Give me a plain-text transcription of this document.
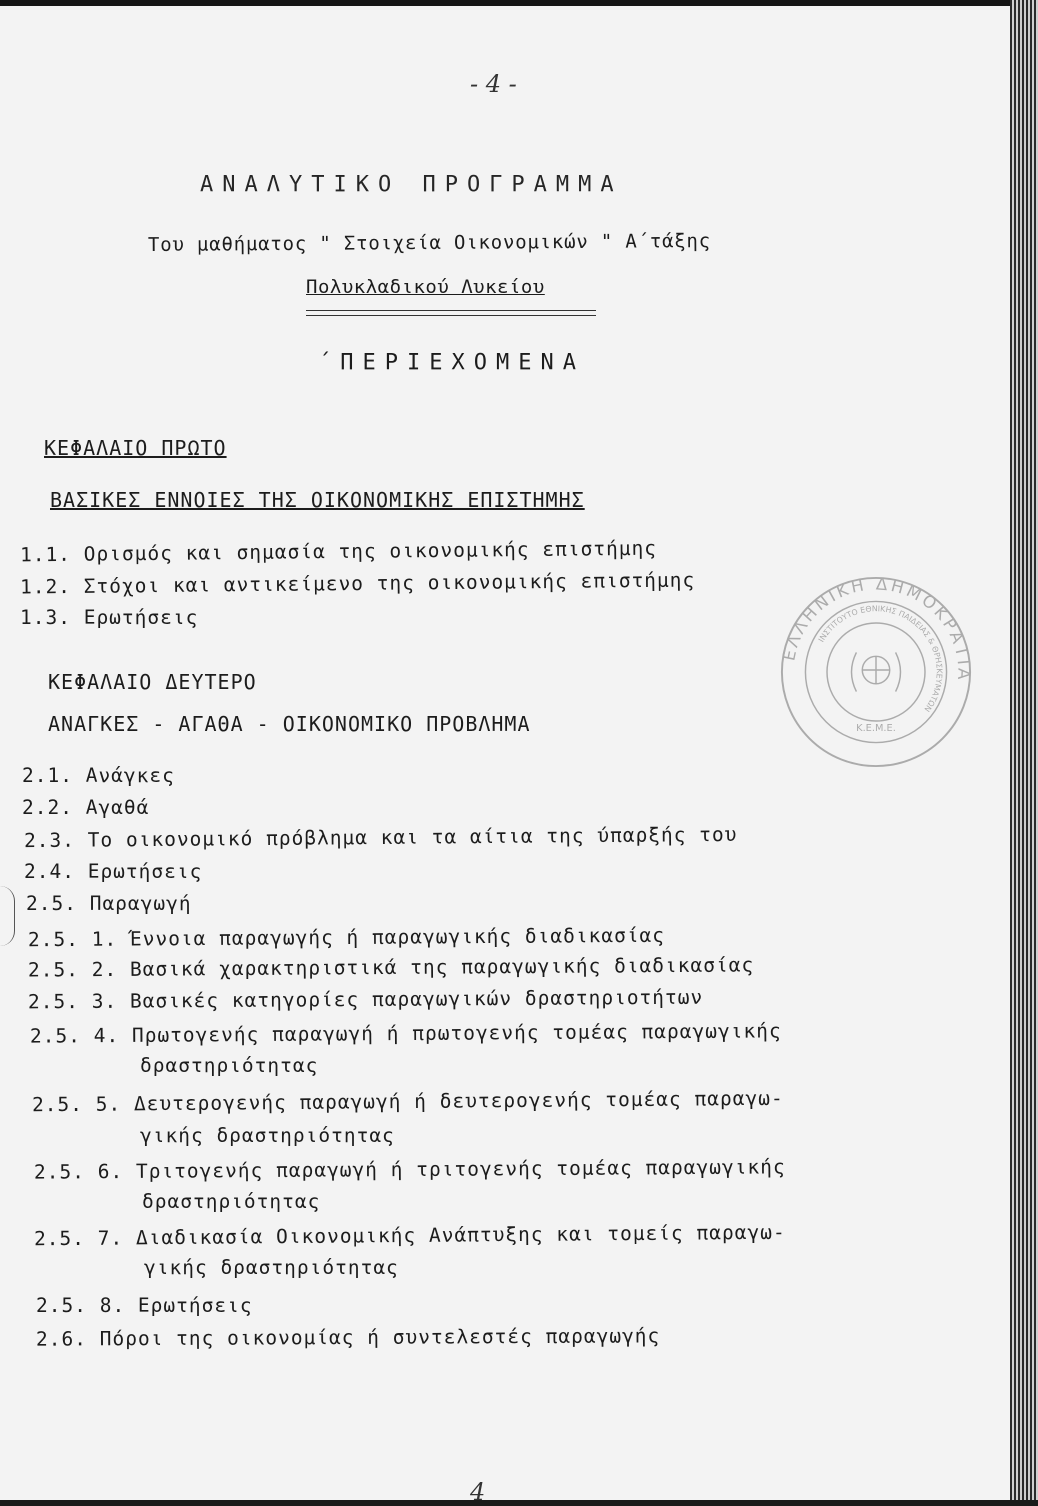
- 4 -
ΑΝΑΛΥΤΙΚΟ ΠΡΟΓΡΑΜΜΑ
Του μαθήματος " Στοιχεία Οικονομικών " Α΄τάξης
Πολυκλαδικού Λυκείου
΄ΠΕΡΙΕΧΟΜΕΝΑ
ΚΕΦΑΛΑΙΟ ΠΡΩΤΟ
ΒΑΣΙΚΕΣ ΕΝΝΟΙΕΣ ΤΗΣ ΟΙΚΟΝΟΜΙΚΗΣ ΕΠΙΣΤΗΜΗΣ
1.1. Ορισμός και σημασία της οικονομικής επιστήμης
1.2. Στόχοι και αντικείμενο της οικονομικής επιστήμης
1.3. Ερωτήσεις
ΚΕΦΑΛΑΙΟ ΔΕΥΤΕΡΟ
ΑΝΑΓΚΕΣ - ΑΓΑΘΑ - ΟΙΚΟΝΟΜΙΚΟ ΠΡΟΒΛΗΜΑ
2.1. Ανάγκες
2.2. Αγαθά
2.3. Το οικονομικό πρόβλημα και τα αίτια της ύπαρξής του
2.4. Ερωτήσεις
2.5. Παραγωγή
2.5. 1. Έννοια παραγωγής ή παραγωγικής διαδικασίας
2.5. 2. Βασικά χαρακτηριστικά της παραγωγικής διαδικασίας
2.5. 3. Βασικές κατηγορίες παραγωγικών δραστηριοτήτων
2.5. 4. Πρωτογενής παραγωγή ή πρωτογενής τομέας παραγωγικής
δραστηριότητας
2.5. 5. Δευτερογενής παραγωγή ή δευτερογενής τομέας παραγω-
γικής δραστηριότητας
2.5. 6. Τριτογενής παραγωγή ή τριτογενής τομέας παραγωγικής
δραστηριότητας
2.5. 7. Διαδικασία Οικονομικής Ανάπτυξης και τομείς παραγω-
γικής δραστηριότητας
2.5. 8. Ερωτήσεις
2.6. Πόροι της οικονομίας ή συντελεστές παραγωγής
ΕΛΛΗΝΙΚΗ ΔΗΜΟΚΡΑΤΙΑ
ΙΝΣΤΙΤΟΥΤΟ ΕΘΝΙΚΗΣ ΠΑΙΔΕΙΑΣ & ΘΡΗΣΚΕΥΜΑΤΩΝ
Κ.Ε.Μ.Ε.
4
